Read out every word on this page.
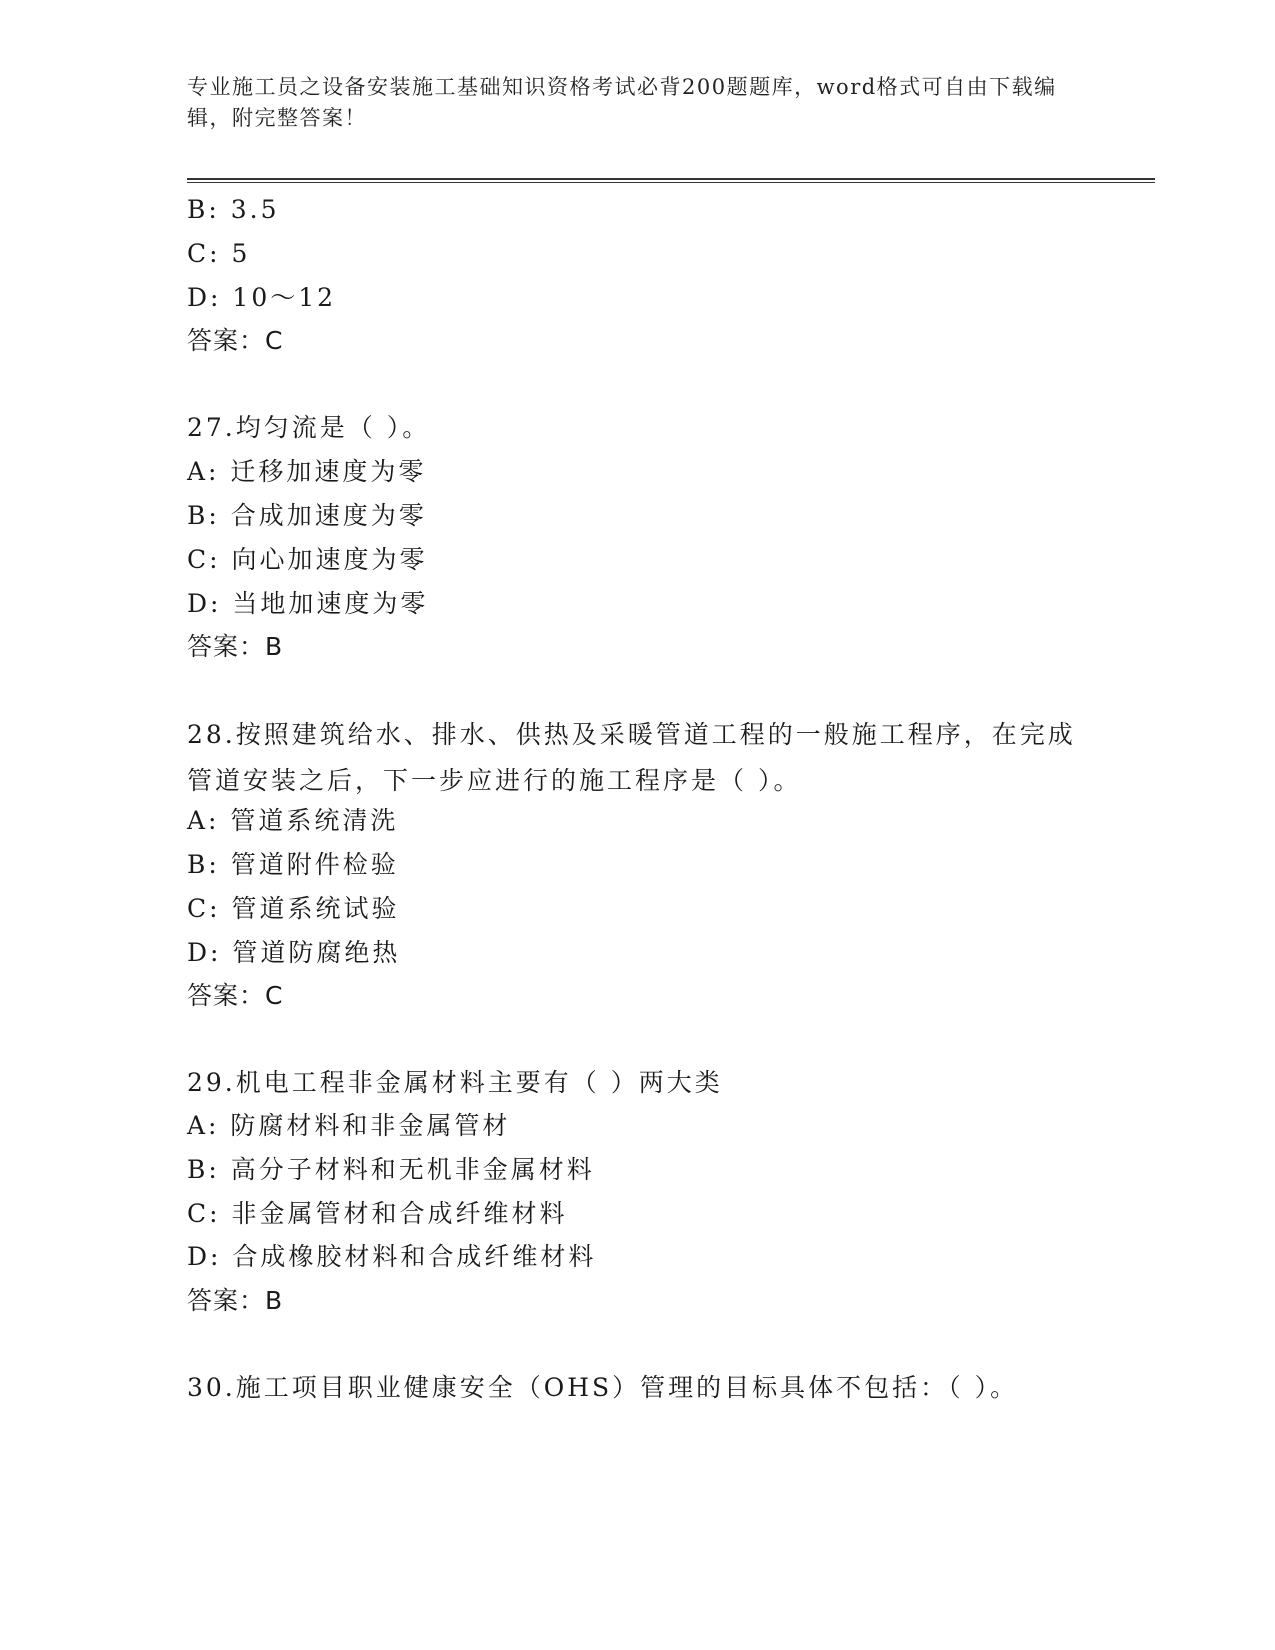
专业施工员之设备安装施工基础知识资格考试必背200题题库，word格式可自由下载编辑，附完整答案！
B: 3.5
C: 5
D: 10～12
答案：C
27.均匀流是（ ）。
A: 迁移加速度为零
B: 合成加速度为零
C: 向心加速度为零
D: 当地加速度为零
答案：B
28.按照建筑给水、排水、供热及采暖管道工程的一般施工程序，在完成管道安装之后，下一步应进行的施工程序是（ ）。
A: 管道系统清洗
B: 管道附件检验
C: 管道系统试验
D: 管道防腐绝热
答案：C
29.机电工程非金属材料主要有（ ）两大类
A: 防腐材料和非金属管材
B: 高分子材料和无机非金属材料
C: 非金属管材和合成纤维材料
D: 合成橡胶材料和合成纤维材料
答案：B
30.施工项目职业健康安全（OHS）管理的目标具体不包括：（ ）。
